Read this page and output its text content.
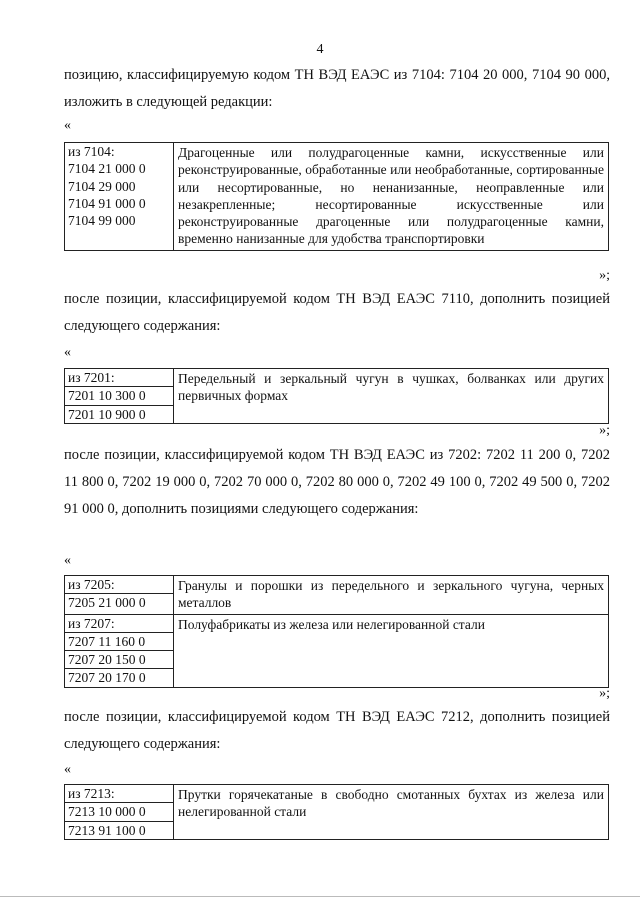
4
позицию, классифицируемую кодом ТН ВЭД ЕАЭС из 7104: 7104 20 000, 7104 90 000, изложить в следующей редакции:
«
из 7104:
7104 21 000 0
7104 29 000
7104 91 000 0
7104 99 000
	Драгоценные или полудрагоценные камни, искусственные или реконструированные, обработанные или необработанные, сортированные или несортированные, но ненанизанные, неоправленные или незакрепленные; несортированные искусственные или реконструированные драгоценные или полудрагоценные камни, временно нанизанные для удобства транспортировки
»;
после позиции, классифицируемой кодом ТН ВЭД ЕАЭС 7110, дополнить позицией следующего содержания:
«
из 7201:
7201 10 300 0
7201 10 900 0
	Передельный и зеркальный чугун в чушках, болванках или других первичных формах
»;
после позиции, классифицируемой кодом ТН ВЭД ЕАЭС из 7202: 7202 11 200 0, 7202 11 800 0, 7202 19 000 0, 7202 70 000 0, 7202 80 000 0, 7202 49 100 0, 7202 49 500 0, 7202 91 000 0, дополнить позициями следующего содержания:
«
из 7205:
7205 21 000 0	Гранулы и порошки из передельного и зеркального чугуна, черных металлов

из 7207:
7207 11 160 0
7207 20 150 0
7207 20 170 0	Полуфабрикаты из железа или нелегированной стали
»;
после позиции, классифицируемой кодом ТН ВЭД ЕАЭС 7212, дополнить позицией следующего содержания:
«
из 7213:
7213 10 000 0
7213 91 100 0
	Прутки горячекатаные в свободно смотанных бухтах из железа или нелегированной стали
